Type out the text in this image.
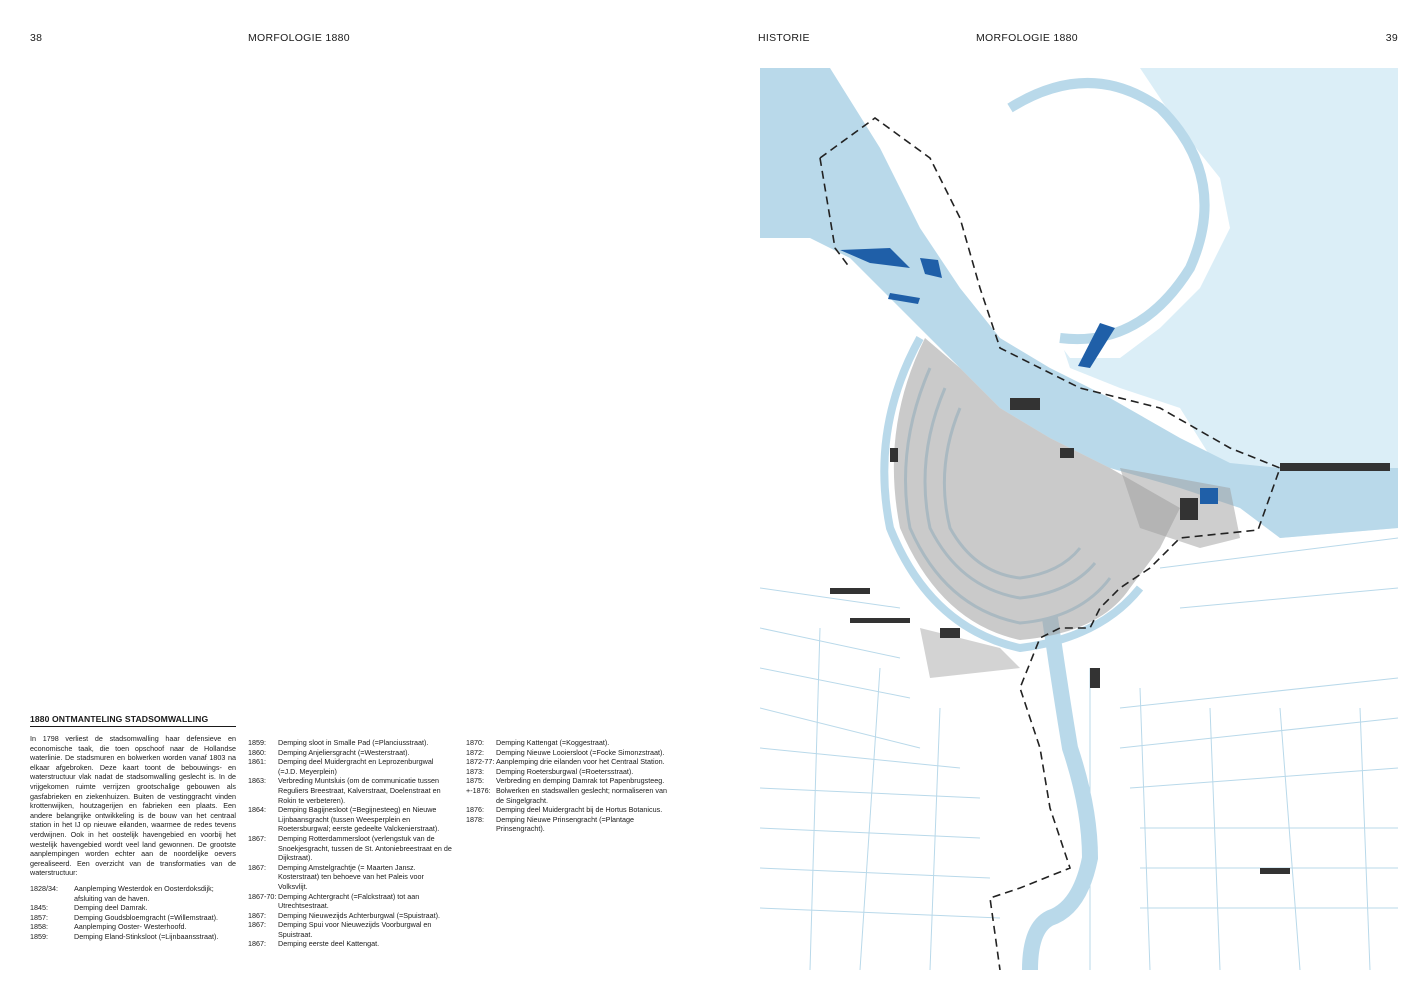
38	MORFOLOGIE 1880	HISTORIE	MORFOLOGIE 1880	39
1880 ONTMANTELING STADSOMWALLING

In 1798 verliest de stadsomwalling haar defensieve en economische taak, die toen opschoof naar de Hollandse waterlinie. De stadsmuren en bolwerken worden vanaf 1803 na elkaar afgebroken. Deze kaart toont de bebouwings- en waterstructuur vlak nadat de stadsomwalling geslecht is. In de vrijgekomen ruimte verrijzen grootschalige gebouwen als gasfabrieken en ziekenhuizen. Buiten de vestinggracht vinden krottenwijken, houtzagerijen en fabrieken een plaats. Een andere belangrijke ontwikkeling is de bouw van het centraal station in het IJ op nieuwe eilanden, waarmee de redes tevens verdwijnen. Ook in het oostelijk havengebied en voorbij het westelijk havengebied wordt veel land gewonnen. De grootste aanplempingen worden echter aan de noordelijke oevers gerealiseerd. Een overzicht van de transformaties van de waterstructuur:

1828/34:	Aanplemping Westerdok en Oosterdoksdijk; afsluiting van de haven.
1845:	Demping deel Damrak.
1857:	Demping Goudsbloemgracht (=Willemstraat).
1858:	Aanplemping Ooster- Westerhoofd.
1859:	Demping Eland-Stinksloot (=Lijnbaansstraat).
1859:	Demping sloot in Smalle Pad (=Planciusstraat).
1860:	Demping Anjeliersgracht (=Westerstraat).
1861:	Demping deel Muidergracht en Leprozenburgwal (=J.D. Meyerplein)
1863:	Verbreding Muntsluis (om de communicatie tussen Reguliers Breestraat, Kalverstraat, Doelenstraat en Rokin te verbeteren).
1864:	Demping Bagijnesloot (=Begijnesteeg) en Nieuwe Lijnbaansgracht (tussen Weesperplein en Roetersburgwal; eerste gedeelte Valckenierstraat).
1867:	Demping Rotterdammersloot (verlengstuk van de Snoekjesgracht, tussen de St. Antoniebreestraat en de Dijkstraat).
1867:	Demping Amstelgrachtje (= Maarten Jansz. Kosterstraat) ten behoeve van het Paleis voor Volksvlijt.
1867-70: Demping Achtergracht (=Falckstraat) tot aan Utrechtsestraat.
1867:	Demping Nieuwezijds Achterburgwal (=Spuistraat).
1867:	Demping Spui voor Nieuwezijds Voorburgwal en Spuistraat.
1867:	Demping eerste deel Kattengat.
1870:	Demping Kattengat (=Koggestraat).
1872:	Demping Nieuwe Looiersloot (=Focke Simonzstraat).
1872-77: Aanplemping drie eilanden voor het Centraal Station.
1873:	Demping Roetersburgwal (=Roetersstraat).
1875:	Verbreding en demping Damrak tot Papenbrugsteeg.
+-1876: Bolwerken en stadswallen geslecht; normaliseren van de Singelgracht.
1876:	Demping deel Muidergracht bij de Hortus Botanicus.
1878:	Demping Nieuwe Prinsengracht (=Plantage Prinsengracht).
